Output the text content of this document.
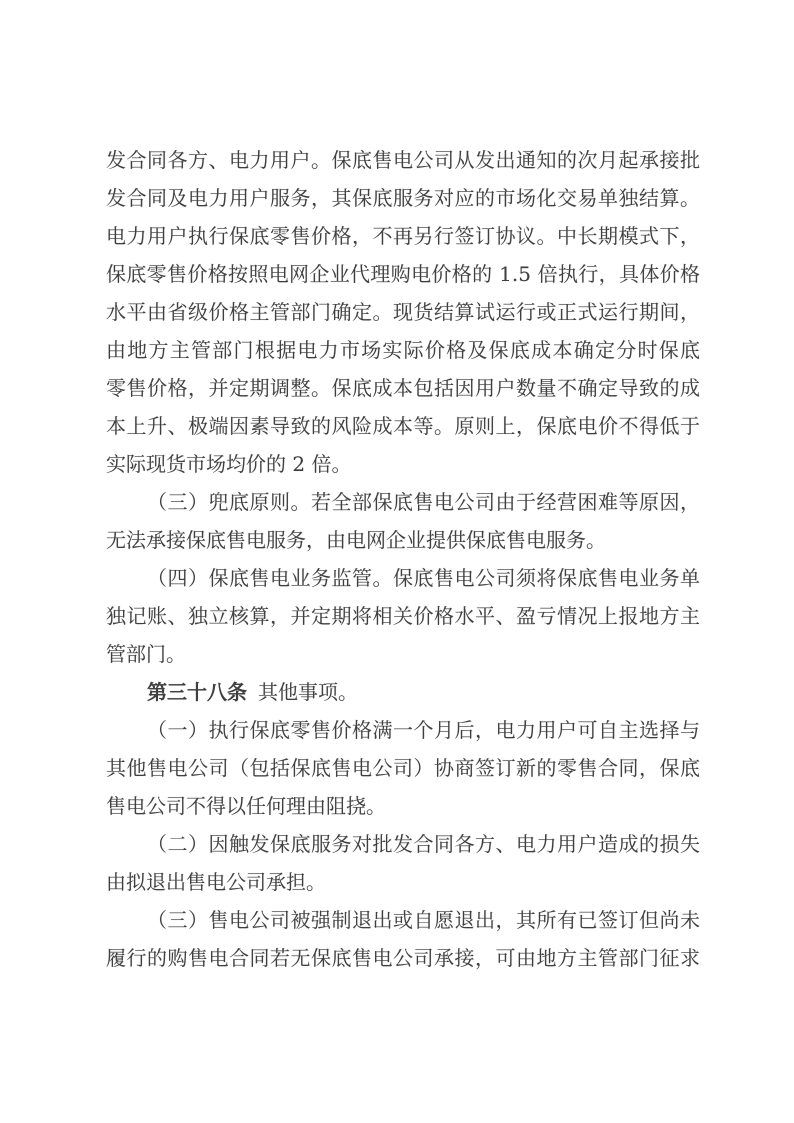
发合同各方、电力用户。保底售电公司从发出通知的次月起承接批
发合同及电力用户服务，其保底服务对应的市场化交易单独结算。
电力用户执行保底零售价格，不再另行签订协议。中长期模式下，
保底零售价格按照电网企业代理购电价格的 1.5 倍执行，具体价格
水平由省级价格主管部门确定。现货结算试运行或正式运行期间，
由地方主管部门根据电力市场实际价格及保底成本确定分时保底
零售价格，并定期调整。保底成本包括因用户数量不确定导致的成
本上升、极端因素导致的风险成本等。原则上，保底电价不得低于
实际现货市场均价的 2 倍。
（三）兜底原则。若全部保底售电公司由于经营困难等原因，
无法承接保底售电服务，由电网企业提供保底售电服务。
（四）保底售电业务监管。保底售电公司须将保底售电业务单
独记账、独立核算，并定期将相关价格水平、盈亏情况上报地方主
管部门。
第三十八条 其他事项。
（一）执行保底零售价格满一个月后，电力用户可自主选择与
其他售电公司（包括保底售电公司）协商签订新的零售合同，保底
售电公司不得以任何理由阻挠。
（二）因触发保底服务对批发合同各方、电力用户造成的损失
由拟退出售电公司承担。
（三）售电公司被强制退出或自愿退出，其所有已签订但尚未
履行的购售电合同若无保底售电公司承接，可由地方主管部门征求
